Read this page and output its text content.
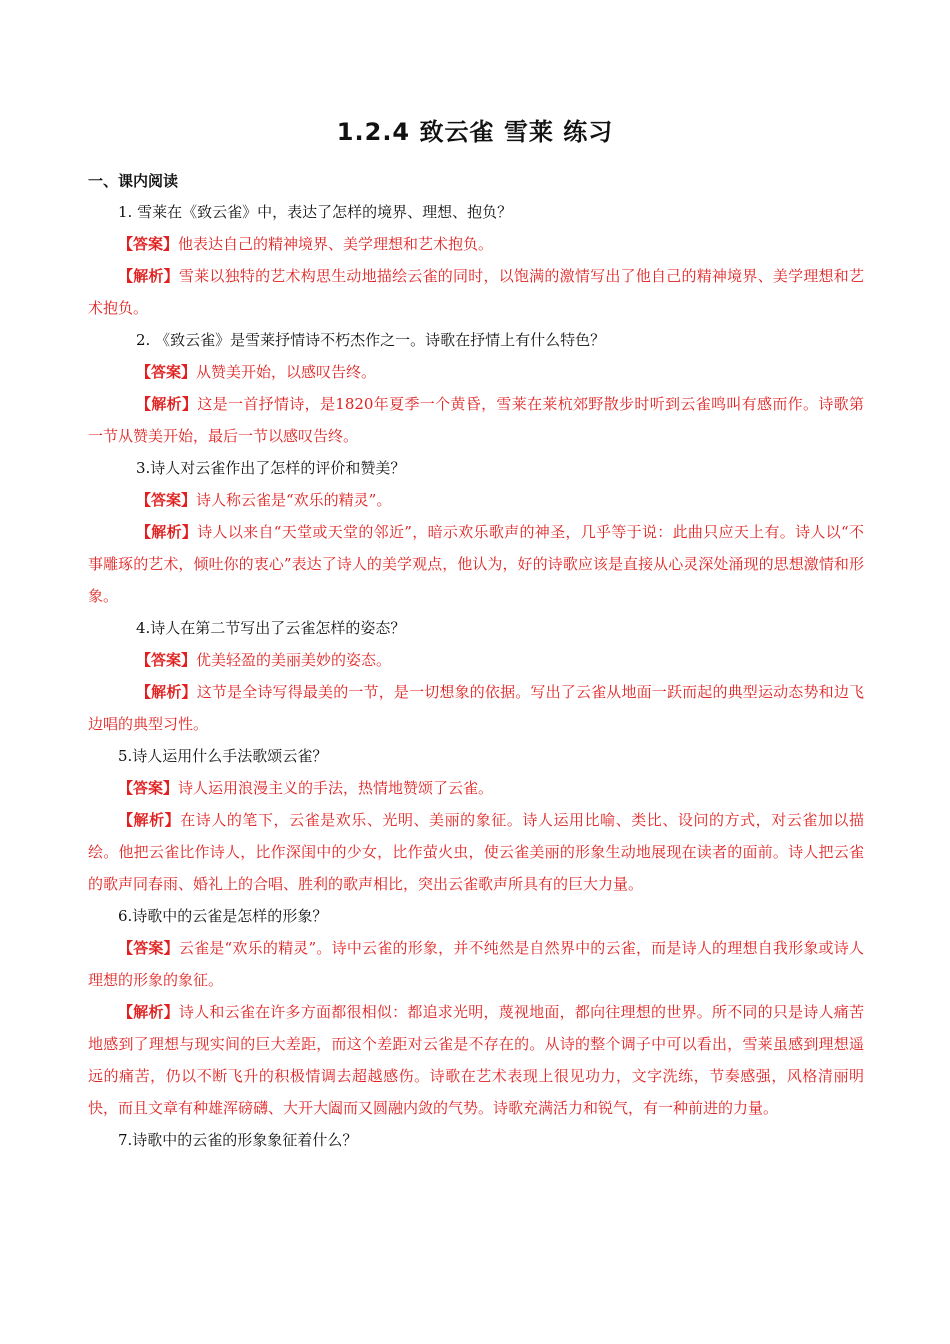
1.2.4 致云雀 雪莱 练习
一、课内阅读

1. 雪莱在《致云雀》中，表达了怎样的境界、理想、抱负？

【答案】他表达自己的精神境界、美学理想和艺术抱负。

【解析】雪莱以独特的艺术构思生动地描绘云雀的同时，以饱满的激情写出了他自己的精神境界、美学理想和艺术抱负。

2. 《致云雀》是雪莱抒情诗不朽杰作之一。诗歌在抒情上有什么特色？

【答案】从赞美开始，以感叹告终。

【解析】这是一首抒情诗，是1820年夏季一个黄昏，雪莱在莱杭郊野散步时听到云雀鸣叫有感而作。诗歌第一节从赞美开始，最后一节以感叹告终。

3.诗人对云雀作出了怎样的评价和赞美？

【答案】诗人称云雀是“欢乐的精灵”。

【解析】诗人以来自“天堂或天堂的邻近”，暗示欢乐歌声的神圣，几乎等于说：此曲只应天上有。诗人以“不事雕琢的艺术，倾吐你的衷心”表达了诗人的美学观点，他认为，好的诗歌应该是直接从心灵深处涌现的思想激情和形象。

4.诗人在第二节写出了云雀怎样的姿态？

【答案】优美轻盈的美丽美妙的姿态。

【解析】这节是全诗写得最美的一节，是一切想象的依据。写出了云雀从地面一跃而起的典型运动态势和边飞边唱的典型习性。

5.诗人运用什么手法歌颂云雀？

【答案】诗人运用浪漫主义的手法，热情地赞颂了云雀。

【解析】在诗人的笔下，云雀是欢乐、光明、美丽的象征。诗人运用比喻、类比、设问的方式，对云雀加以描绘。他把云雀比作诗人，比作深闺中的少女，比作萤火虫，使云雀美丽的形象生动地展现在读者的面前。诗人把云雀的歌声同春雨、婚礼上的合唱、胜利的歌声相比，突出云雀歌声所具有的巨大力量。

6.诗歌中的云雀是怎样的形象？

【答案】云雀是“欢乐的精灵”。诗中云雀的形象，并不纯然是自然界中的云雀，而是诗人的理想自我形象或诗人理想的形象的象征。

【解析】诗人和云雀在许多方面都很相似：都追求光明，蔑视地面，都向往理想的世界。所不同的只是诗人痛苦地感到了理想与现实间的巨大差距，而这个差距对云雀是不存在的。从诗的整个调子中可以看出，雪莱虽感到理想遥远的痛苦，仍以不断飞升的积极情调去超越感伤。诗歌在艺术表现上很见功力，文字洗练，节奏感强，风格清丽明快，而且文章有种雄浑磅礴、大开大阖而又圆融内敛的气势。诗歌充满活力和锐气，有一种前进的力量。

7.诗歌中的云雀的形象象征着什么？
